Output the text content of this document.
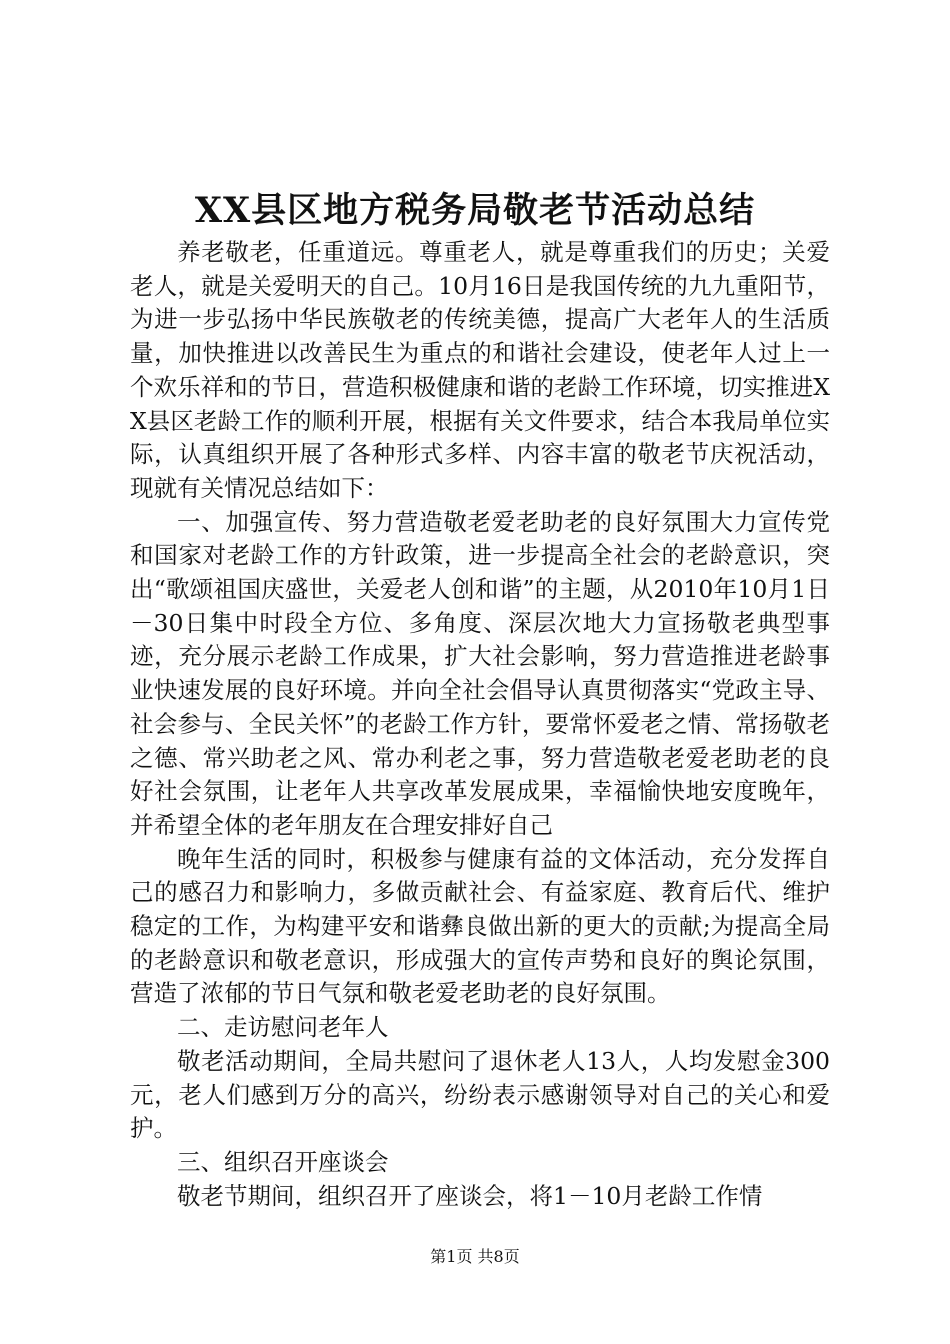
XX县区地方税务局敬老节活动总结

养老敬老，任重道远。尊重老人，就是尊重我们的历史；关爱老人，就是关爱明天的自己。10月16日是我国传统的九九重阳节，为进一步弘扬中华民族敬老的传统美德，提高广大老年人的生活质量，加快推进以改善民生为重点的和谐社会建设，使老年人过上一个欢乐祥和的节日，营造积极健康和谐的老龄工作环境，切实推进XX县区老龄工作的顺利开展，根据有关文件要求，结合本我局单位实际，认真组织开展了各种形式多样、内容丰富的敬老节庆祝活动，现就有关情况总结如下：

一、加强宣传、努力营造敬老爱老助老的良好氛围大力宣传党和国家对老龄工作的方针政策，进一步提高全社会的老龄意识，突出“歌颂祖国庆盛世，关爱老人创和谐”的主题，从2010年10月1日－30日集中时段全方位、多角度、深层次地大力宣扬敬老典型事迹，充分展示老龄工作成果，扩大社会影响，努力营造推进老龄事业快速发展的良好环境。并向全社会倡导认真贯彻落实“党政主导、社会参与、全民关怀”的老龄工作方针，要常怀爱老之情、常扬敬老之德、常兴助老之风、常办利老之事，努力营造敬老爱老助老的良好社会氛围，让老年人共享改革发展成果，幸福愉快地安度晚年，并希望全体的老年朋友在合理安排好自己

晚年生活的同时，积极参与健康有益的文体活动，充分发挥自己的感召力和影响力，多做贡献社会、有益家庭、教育后代、维护稳定的工作，为构建平安和谐彝良做出新的更大的贡献;为提高全局的老龄意识和敬老意识，形成强大的宣传声势和良好的舆论氛围，营造了浓郁的节日气氛和敬老爱老助老的良好氛围。

二、走访慰问老年人

敬老活动期间，全局共慰问了退休老人13人，人均发慰金300元，老人们感到万分的高兴，纷纷表示感谢领导对自己的关心和爱护。

三、组织召开座谈会

敬老节期间，组织召开了座谈会，将1－10月老龄工作情

第1页 共8页
